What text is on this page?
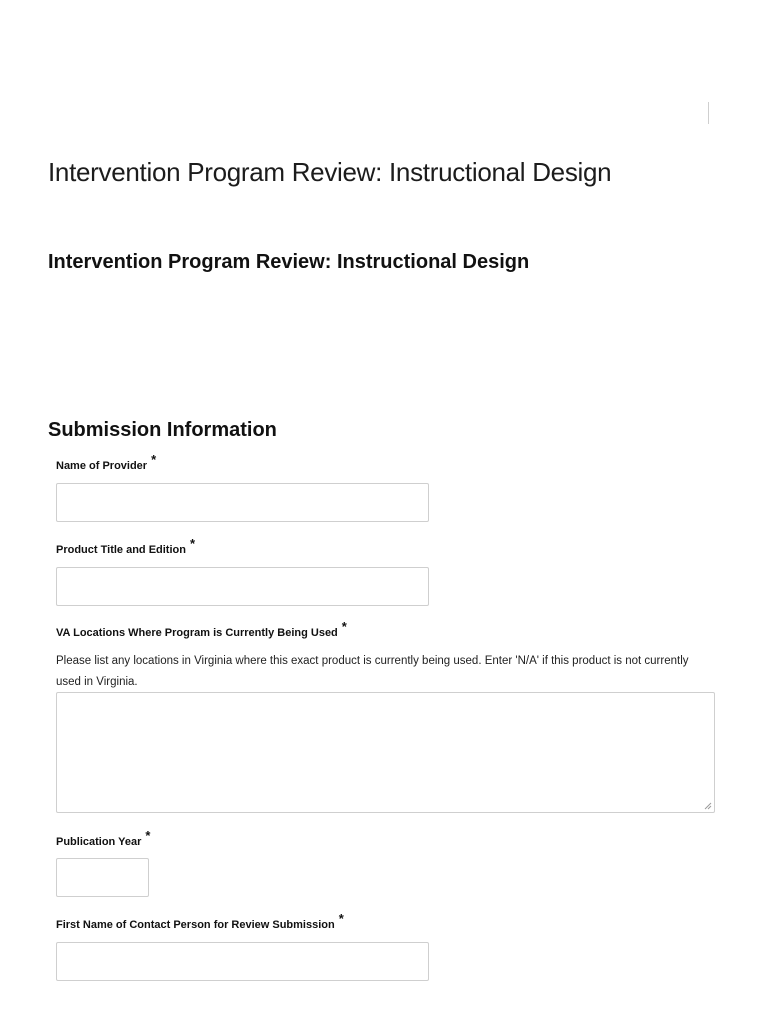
Intervention Program Review: Instructional Design
Intervention Program Review: Instructional Design
Submission Information
Name of Provider *
Product Title and Edition *
VA Locations Where Program is Currently Being Used *
Please list any locations in Virginia where this exact product is currently being used. Enter 'N/A' if this product is not currently used in Virginia.
Publication Year *
First Name of Contact Person for Review Submission *
